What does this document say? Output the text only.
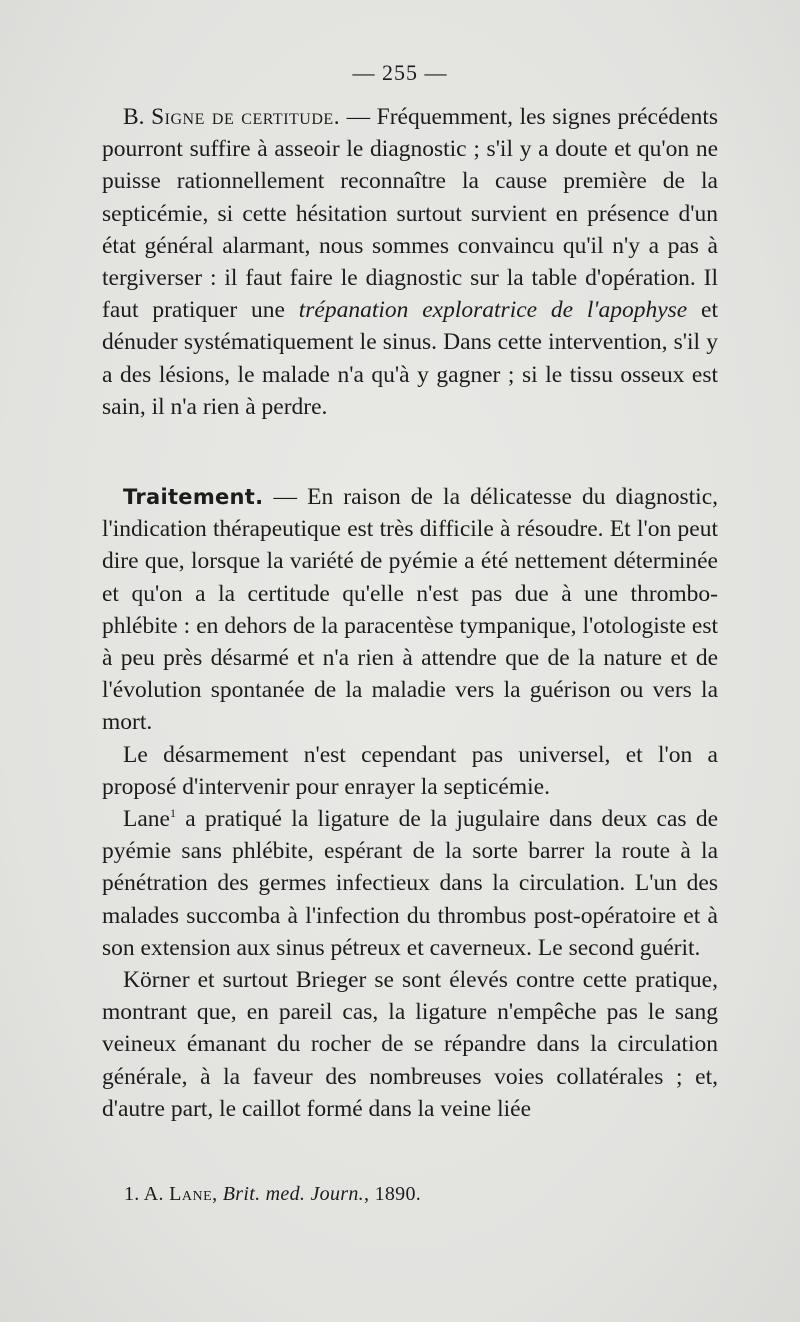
— 255 —

B. Signe de certitude. — Fréquemment, les signes précédents pourront suffire à asseoir le diagnostic ; s'il y a doute et qu'on ne puisse rationnellement reconnaître la cause première de la septicémie, si cette hésitation surtout survient en présence d'un état général alarmant, nous sommes convaincu qu'il n'y a pas à tergiverser : il faut faire le diagnostic sur la table d'opération. Il faut pratiquer une trépanation exploratrice de l'apophyse et dénuder systématiquement le sinus. Dans cette intervention, s'il y a des lésions, le malade n'a qu'à y gagner ; si le tissu osseux est sain, il n'a rien à perdre.

Traitement. — En raison de la délicatesse du diagnostic, l'indication thérapeutique est très difficile à résoudre. Et l'on peut dire que, lorsque la variété de pyémie a été nettement déterminée et qu'on a la certitude qu'elle n'est pas due à une thrombo-phlébite : en dehors de la paracentèse tympanique, l'otologiste est à peu près désarmé et n'a rien à attendre que de la nature et de l'évolution spontanée de la maladie vers la guérison ou vers la mort.

Le désarmement n'est cependant pas universel, et l'on a proposé d'intervenir pour enrayer la septicémie.

Lane$^1$ a pratiqué la ligature de la jugulaire dans deux cas de pyémie sans phlébite, espérant de la sorte barrer la route à la pénétration des germes infectieux dans la circulation. L'un des malades succomba à l'infection du thrombus post-opératoire et à son extension aux sinus pétreux et caverneux. Le second guérit.

Körner et surtout Brieger se sont élevés contre cette pratique, montrant que, en pareil cas, la ligature n'empêche pas le sang veineux émanant du rocher de se répandre dans la circulation générale, à la faveur des nombreuses voies collatérales ; et, d'autre part, le caillot formé dans la veine liée

1. A. Lane, Brit. med. Journ., 1890.
